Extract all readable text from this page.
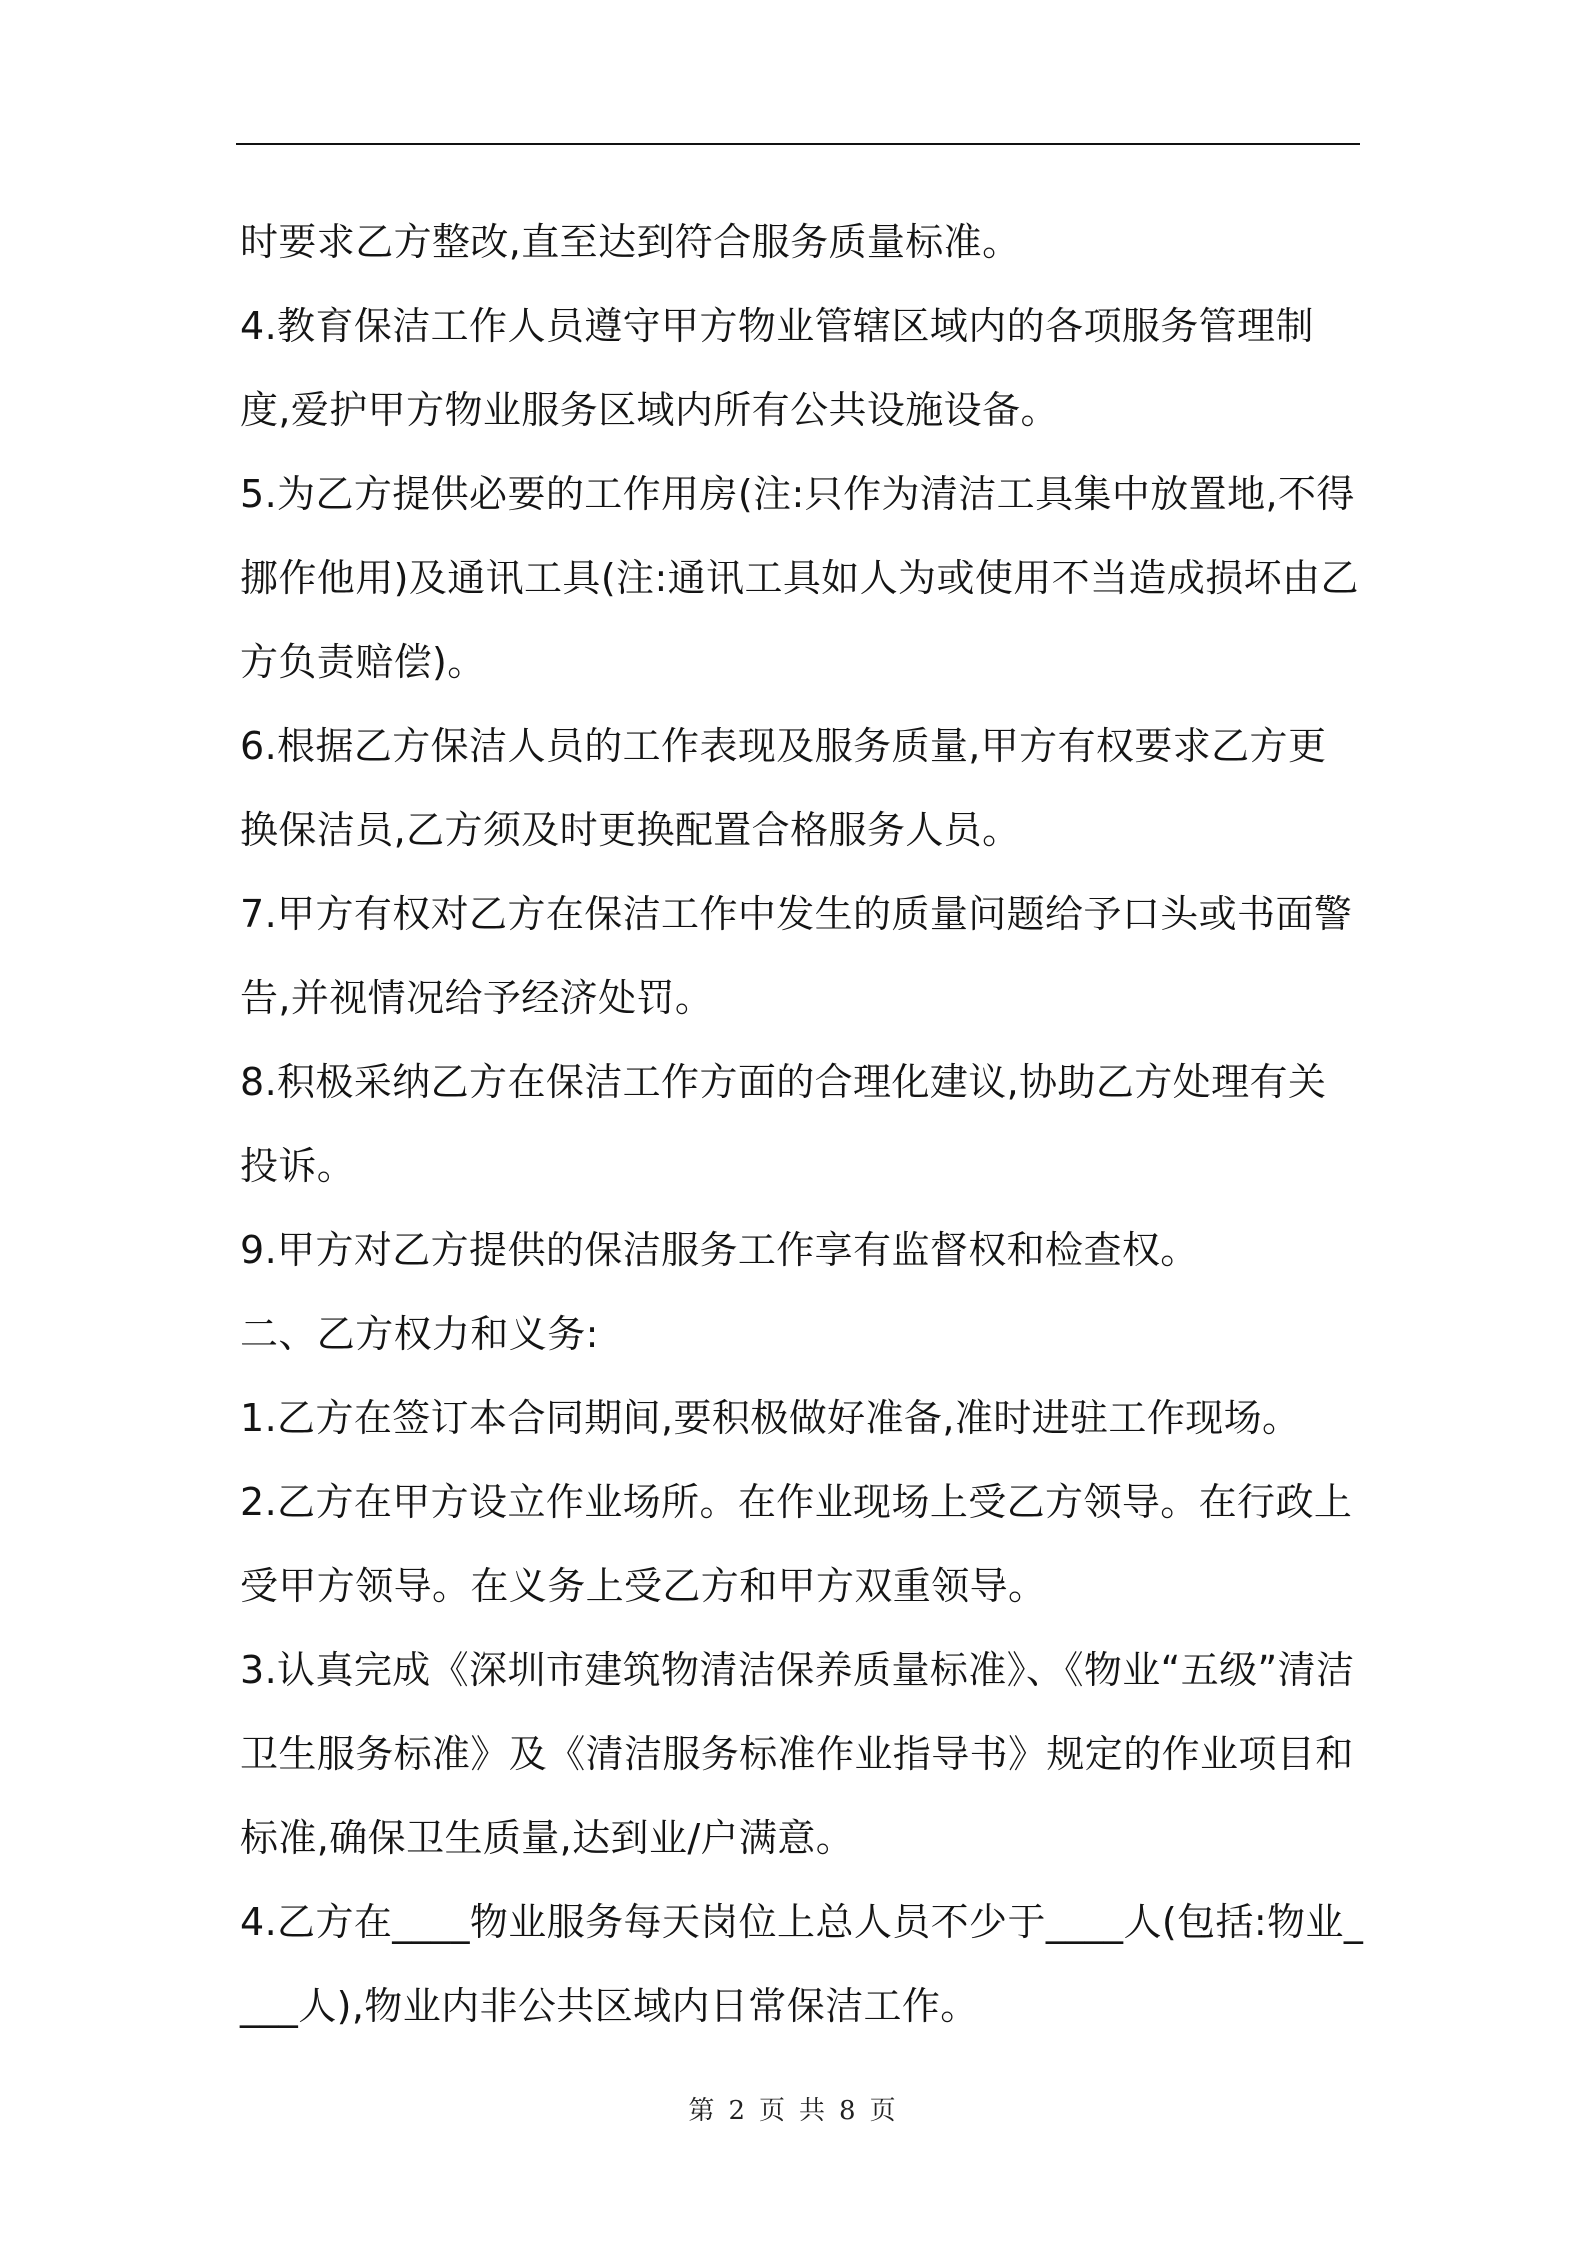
时要求乙方整改,直至达到符合服务质量标准。

4.教育保洁工作人员遵守甲方物业管辖区域内的各项服务管理制度,爱护甲方物业服务区域内所有公共设施设备。

5.为乙方提供必要的工作用房(注:只作为清洁工具集中放置地,不得挪作他用)及通讯工具(注:通讯工具如人为或使用不当造成损坏由乙方负责赔偿)。

6.根据乙方保洁人员的工作表现及服务质量,甲方有权要求乙方更换保洁员,乙方须及时更换配置合格服务人员。

7.甲方有权对乙方在保洁工作中发生的质量问题给予口头或书面警告,并视情况给予经济处罚。

8.积极采纳乙方在保洁工作方面的合理化建议,协助乙方处理有关投诉。

9.甲方对乙方提供的保洁服务工作享有监督权和检查权。

二、乙方权力和义务:

1.乙方在签订本合同期间,要积极做好准备,准时进驻工作现场。

2.乙方在甲方设立作业场所。在作业现场上受乙方领导。在行政上受甲方领导。在义务上受乙方和甲方双重领导。

3.认真完成《深圳市建筑物清洁保养质量标准》、《物业“五级”清洁卫生服务标准》及《清洁服务标准作业指导书》规定的作业项目和标准,确保卫生质量,达到业/户满意。

4.乙方在____物业服务每天岗位上总人员不少于____人(包括:物业____人),物业内非公共区域内日常保洁工作。

第 2 页 共 8 页
